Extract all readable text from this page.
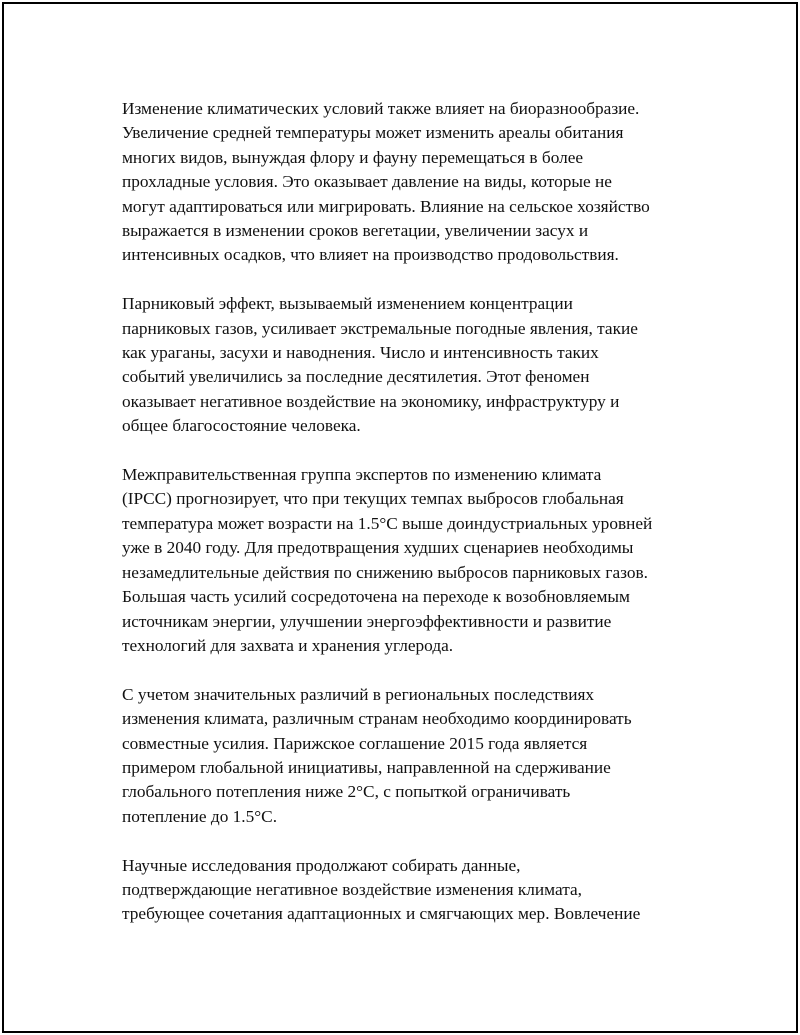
Изменение климатических условий также влияет на биоразнообразие.
Увеличение средней температуры может изменить ареалы обитания
многих видов, вынуждая флору и фауну перемещаться в более
прохладные условия. Это оказывает давление на виды, которые не
могут адаптироваться или мигрировать. Влияние на сельское хозяйство
выражается в изменении сроков вегетации, увеличении засух и
интенсивных осадков, что влияет на производство продовольствия.

Парниковый эффект, вызываемый изменением концентрации
парниковых газов, усиливает экстремальные погодные явления, такие
как ураганы, засухи и наводнения. Число и интенсивность таких
событий увеличились за последние десятилетия. Этот феномен
оказывает негативное воздействие на экономику, инфраструктуру и
общее благосостояние человека.

Межправительственная группа экспертов по изменению климата
(IPCC) прогнозирует, что при текущих темпах выбросов глобальная
температура может возрасти на 1.5°C выше доиндустриальных уровней
уже в 2040 году. Для предотвращения худших сценариев необходимы
незамедлительные действия по снижению выбросов парниковых газов.
Большая часть усилий сосредоточена на переходе к возобновляемым
источникам энергии, улучшении энергоэффективности и развитие
технологий для захвата и хранения углерода.

С учетом значительных различий в региональных последствиях
изменения климата, различным странам необходимо координировать
совместные усилия. Парижское соглашение 2015 года является
примером глобальной инициативы, направленной на сдерживание
глобального потепления ниже 2°C, с попыткой ограничивать
потепление до 1.5°C.

Научные исследования продолжают собирать данные,
подтверждающие негативное воздействие изменения климата,
требующее сочетания адаптационных и смягчающих мер. Вовлечение
